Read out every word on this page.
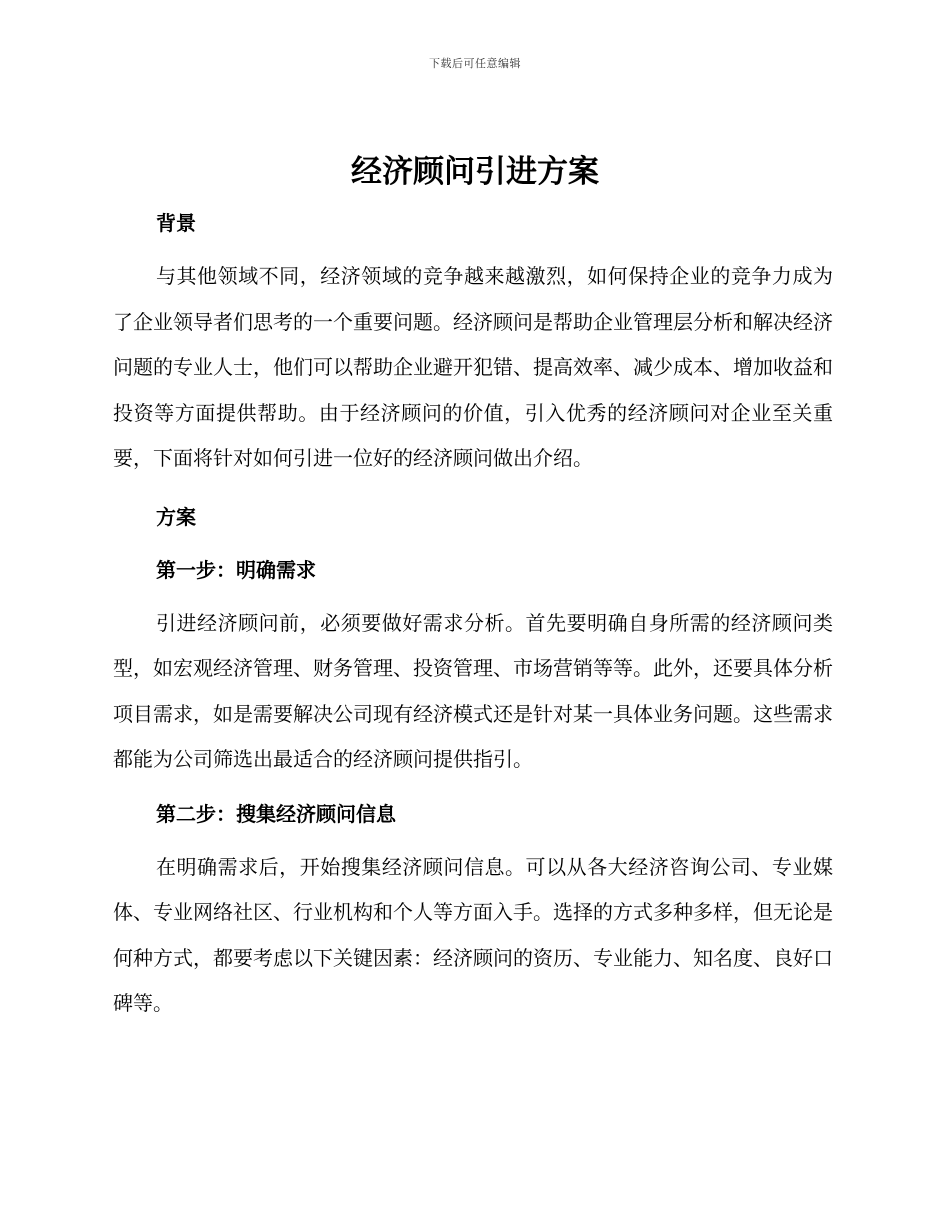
下载后可任意编辑
经济顾问引进方案
背景

与其他领域不同，经济领域的竞争越来越激烈，如何保持企业的竞争力成为了企业领导者们思考的一个重要问题。经济顾问是帮助企业管理层分析和解决经济问题的专业人士，他们可以帮助企业避开犯错、提高效率、减少成本、增加收益和投资等方面提供帮助。由于经济顾问的价值，引入优秀的经济顾问对企业至关重要，下面将针对如何引进一位好的经济顾问做出介绍。

方案
第一步：明确需求

引进经济顾问前，必须要做好需求分析。首先要明确自身所需的经济顾问类型，如宏观经济管理、财务管理、投资管理、市场营销等等。此外，还要具体分析项目需求，如是需要解决公司现有经济模式还是针对某一具体业务问题。这些需求都能为公司筛选出最适合的经济顾问提供指引。

第二步：搜集经济顾问信息

在明确需求后，开始搜集经济顾问信息。可以从各大经济咨询公司、专业媒体、专业网络社区、行业机构和个人等方面入手。选择的方式多种多样，但无论是何种方式，都要考虑以下关键因素：经济顾问的资历、专业能力、知名度、良好口碑等。
